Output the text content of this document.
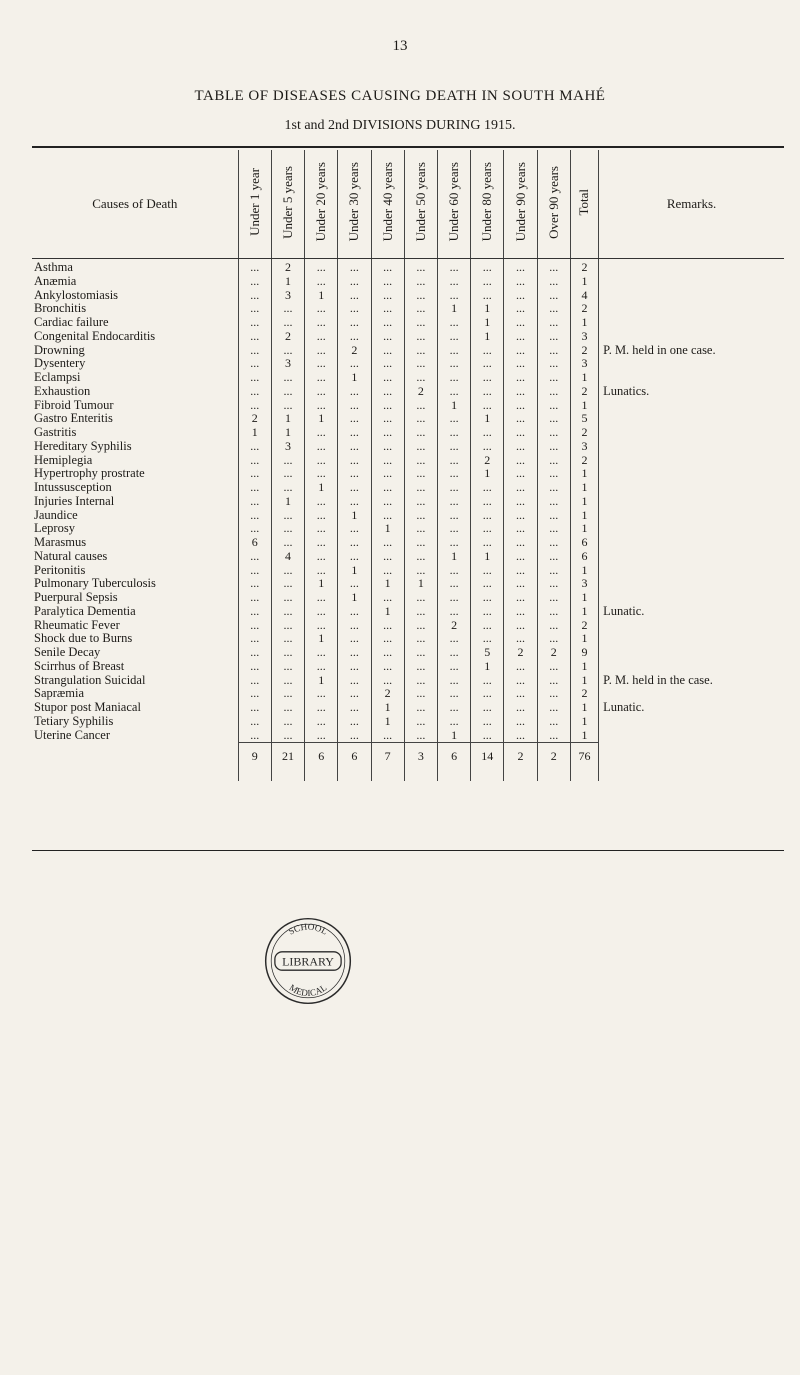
13
TABLE OF DISEASES CAUSING DEATH IN SOUTH MAHÉ
1st and 2nd DIVISIONS DURING 1915.
Causes of Death	Under 1 year	Under 5 years	Under 20 years	Under 30 years	Under 40 years	Under 50 years	Under 60 years	Under 80 years	Under 90 years	Over 90 years	Total	Remarks.
Asthma	...	2	...	...	...	...	...	...	...	...	2	
Anæmia	...	1	...	...	...	...	...	...	...	...	1	
Ankylostomiasis	...	3	1	...	...	...	...	...	...	...	4	
Bronchitis	...	...	...	...	...	...	1	1	...	...	2	
Cardiac failure	...	...	...	...	...	...	...	1	...	...	1	
Congenital Endocarditis	...	2	...	...	...	...	...	1	...	...	3	
Drowning	...	...	...	2	...	...	...	...	...	...	2	P. M. held in one case.
Dysentery	...	3	...	...	...	...	...	...	...	...	3	
Eclampsi	...	...	...	1	...	...	...	...	...	...	1	
Exhaustion	...	...	...	...	...	2	...	...	...	...	2	Lunatics.
Fibroid Tumour	...	...	...	...	...	...	1	...	...	...	1	
Gastro Enteritis	2	1	1	...	...	...	...	1	...	...	5	
Gastritis	1	1	...	...	...	...	...	...	...	...	2	
Hereditary Syphilis	...	3	...	...	...	...	...	...	...	...	3	
Hemiplegia	...	...	...	...	...	...	...	2	...	...	2	
Hypertrophy prostrate	...	...	...	...	...	...	...	1	...	...	1	
Intussusception	...	...	1	...	...	...	...	...	...	...	1	
Injuries Internal	...	1	...	...	...	...	...	...	...	...	1	
Jaundice	...	...	...	1	...	...	...	...	...	...	1	
Leprosy	...	...	...	...	1	...	...	...	...	...	1	
Marasmus	6	...	...	...	...	...	...	...	...	...	6	
Natural causes	...	4	...	...	...	...	1	1	...	...	6	
Peritonitis	...	...	...	1	...	...	...	...	...	...	1	
Pulmonary Tuberculosis	...	...	1	...	1	1	...	...	...	...	3	
Puerpural Sepsis	...	...	...	1	...	...	...	...	...	...	1	
Paralytica Dementia	...	...	...	...	1	...	...	...	...	...	1	Lunatic.
Rheumatic Fever	...	...	...	...	...	...	2	...	...	...	2	
Shock due to Burns	...	...	1	...	...	...	...	...	...	...	1	
Senile Decay	...	...	...	...	...	...	...	5	2	2	9	
Scirrhus of Breast	...	...	...	...	...	...	...	1	...	...	1	
Strangulation Suicidal	...	...	1	...	...	...	...	...	...	...	1	P. M. held in the case.
Sapræmia	...	...	...	...	2	...	...	...	...	...	2	
Stupor post Maniacal	...	...	...	...	1	...	...	...	...	...	1	Lunatic.
Tetiary Syphilis	...	...	...	...	1	...	...	...	...	...	1	
Uterine Cancer	...	...	...	...	...	...	1	...	...	...	1	
	9	21	6	6	7	3	6	14	2	2	76	
SCHOOL
LIBRARY
MEDICAL
